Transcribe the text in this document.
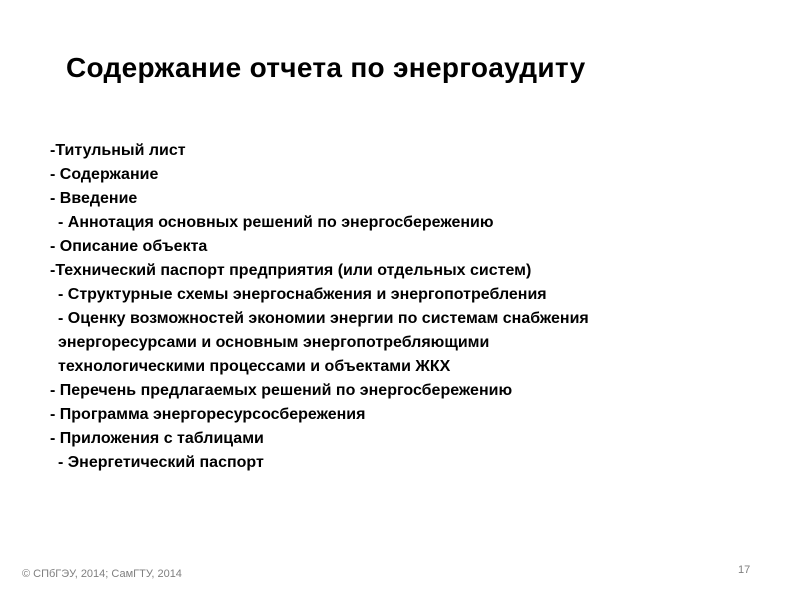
Содержание отчета по энергоаудиту
-Титульный лист
- Содержание
- Введение
- Аннотация основных решений по энергосбережению
- Описание объекта
-Технический паспорт предприятия (или отдельных систем)
- Структурные схемы энергоснабжения и энергопотребления
- Оценку возможностей экономии энергии по системам снабжения
энергоресурсами и основным энергопотребляющими
технологическими процессами и объектами ЖКХ
- Перечень предлагаемых решений по энергосбережению
- Программа энергоресурсосбережения
- Приложения с таблицами
- Энергетический паспорт
© СПбГЭУ, 2014; СамГТУ, 2014	17
